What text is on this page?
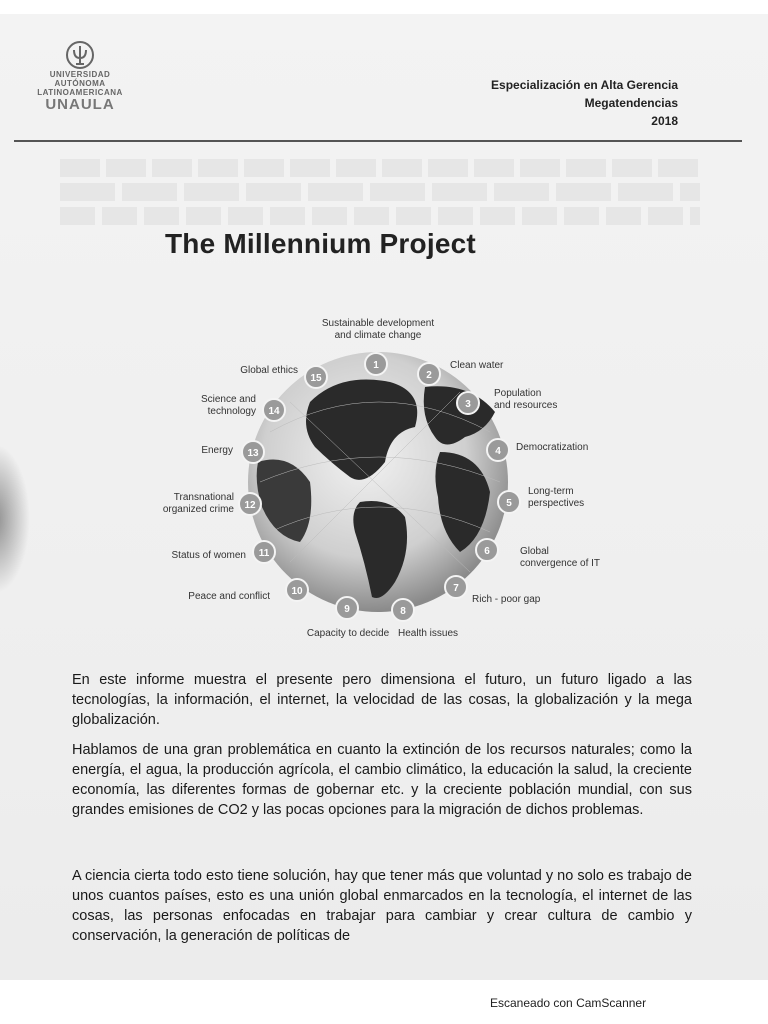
UNIVERSIDAD
AUTÓNOMA
LATINOAMERICANA
UNAULA
Especialización en Alta Gerencia
Megatendencias
2018
The Millennium Project
1
Sustainable development
and climate change
2
Clean water
3
Population
and resources
4 Democratization
5
Long-term
perspectives
6	Global
convergence of IT
7
Rich - poor gap
8
Health issues
9
Capacity to decide
10
Peace and conflict
11
Status of women
12
Transnational
organized crime
13
Energy
14
Science and
technology
15
Global ethics
En este informe muestra el presente pero dimensiona el futuro, un futuro ligado a las tecnologías, la información, el internet, la velocidad de las cosas, la globalización y la mega globalización.
Hablamos de una gran problemática en cuanto la extinción de los recursos naturales; como la energía, el agua, la producción agrícola, el cambio climático, la educación la salud, la creciente economía, las diferentes formas de gobernar etc. y la creciente población mundial, con sus grandes emisiones de CO2 y las pocas opciones para la migración de dichos problemas.
A ciencia cierta todo esto tiene solución, hay que tener más que voluntad y no solo es trabajo de unos cuantos países, esto es una unión global enmarcados en la tecnología, el internet de las cosas, las personas enfocadas en trabajar para cambiar y crear cultura de cambio y conservación, la generación de políticas de
Escaneado con CamScanner
